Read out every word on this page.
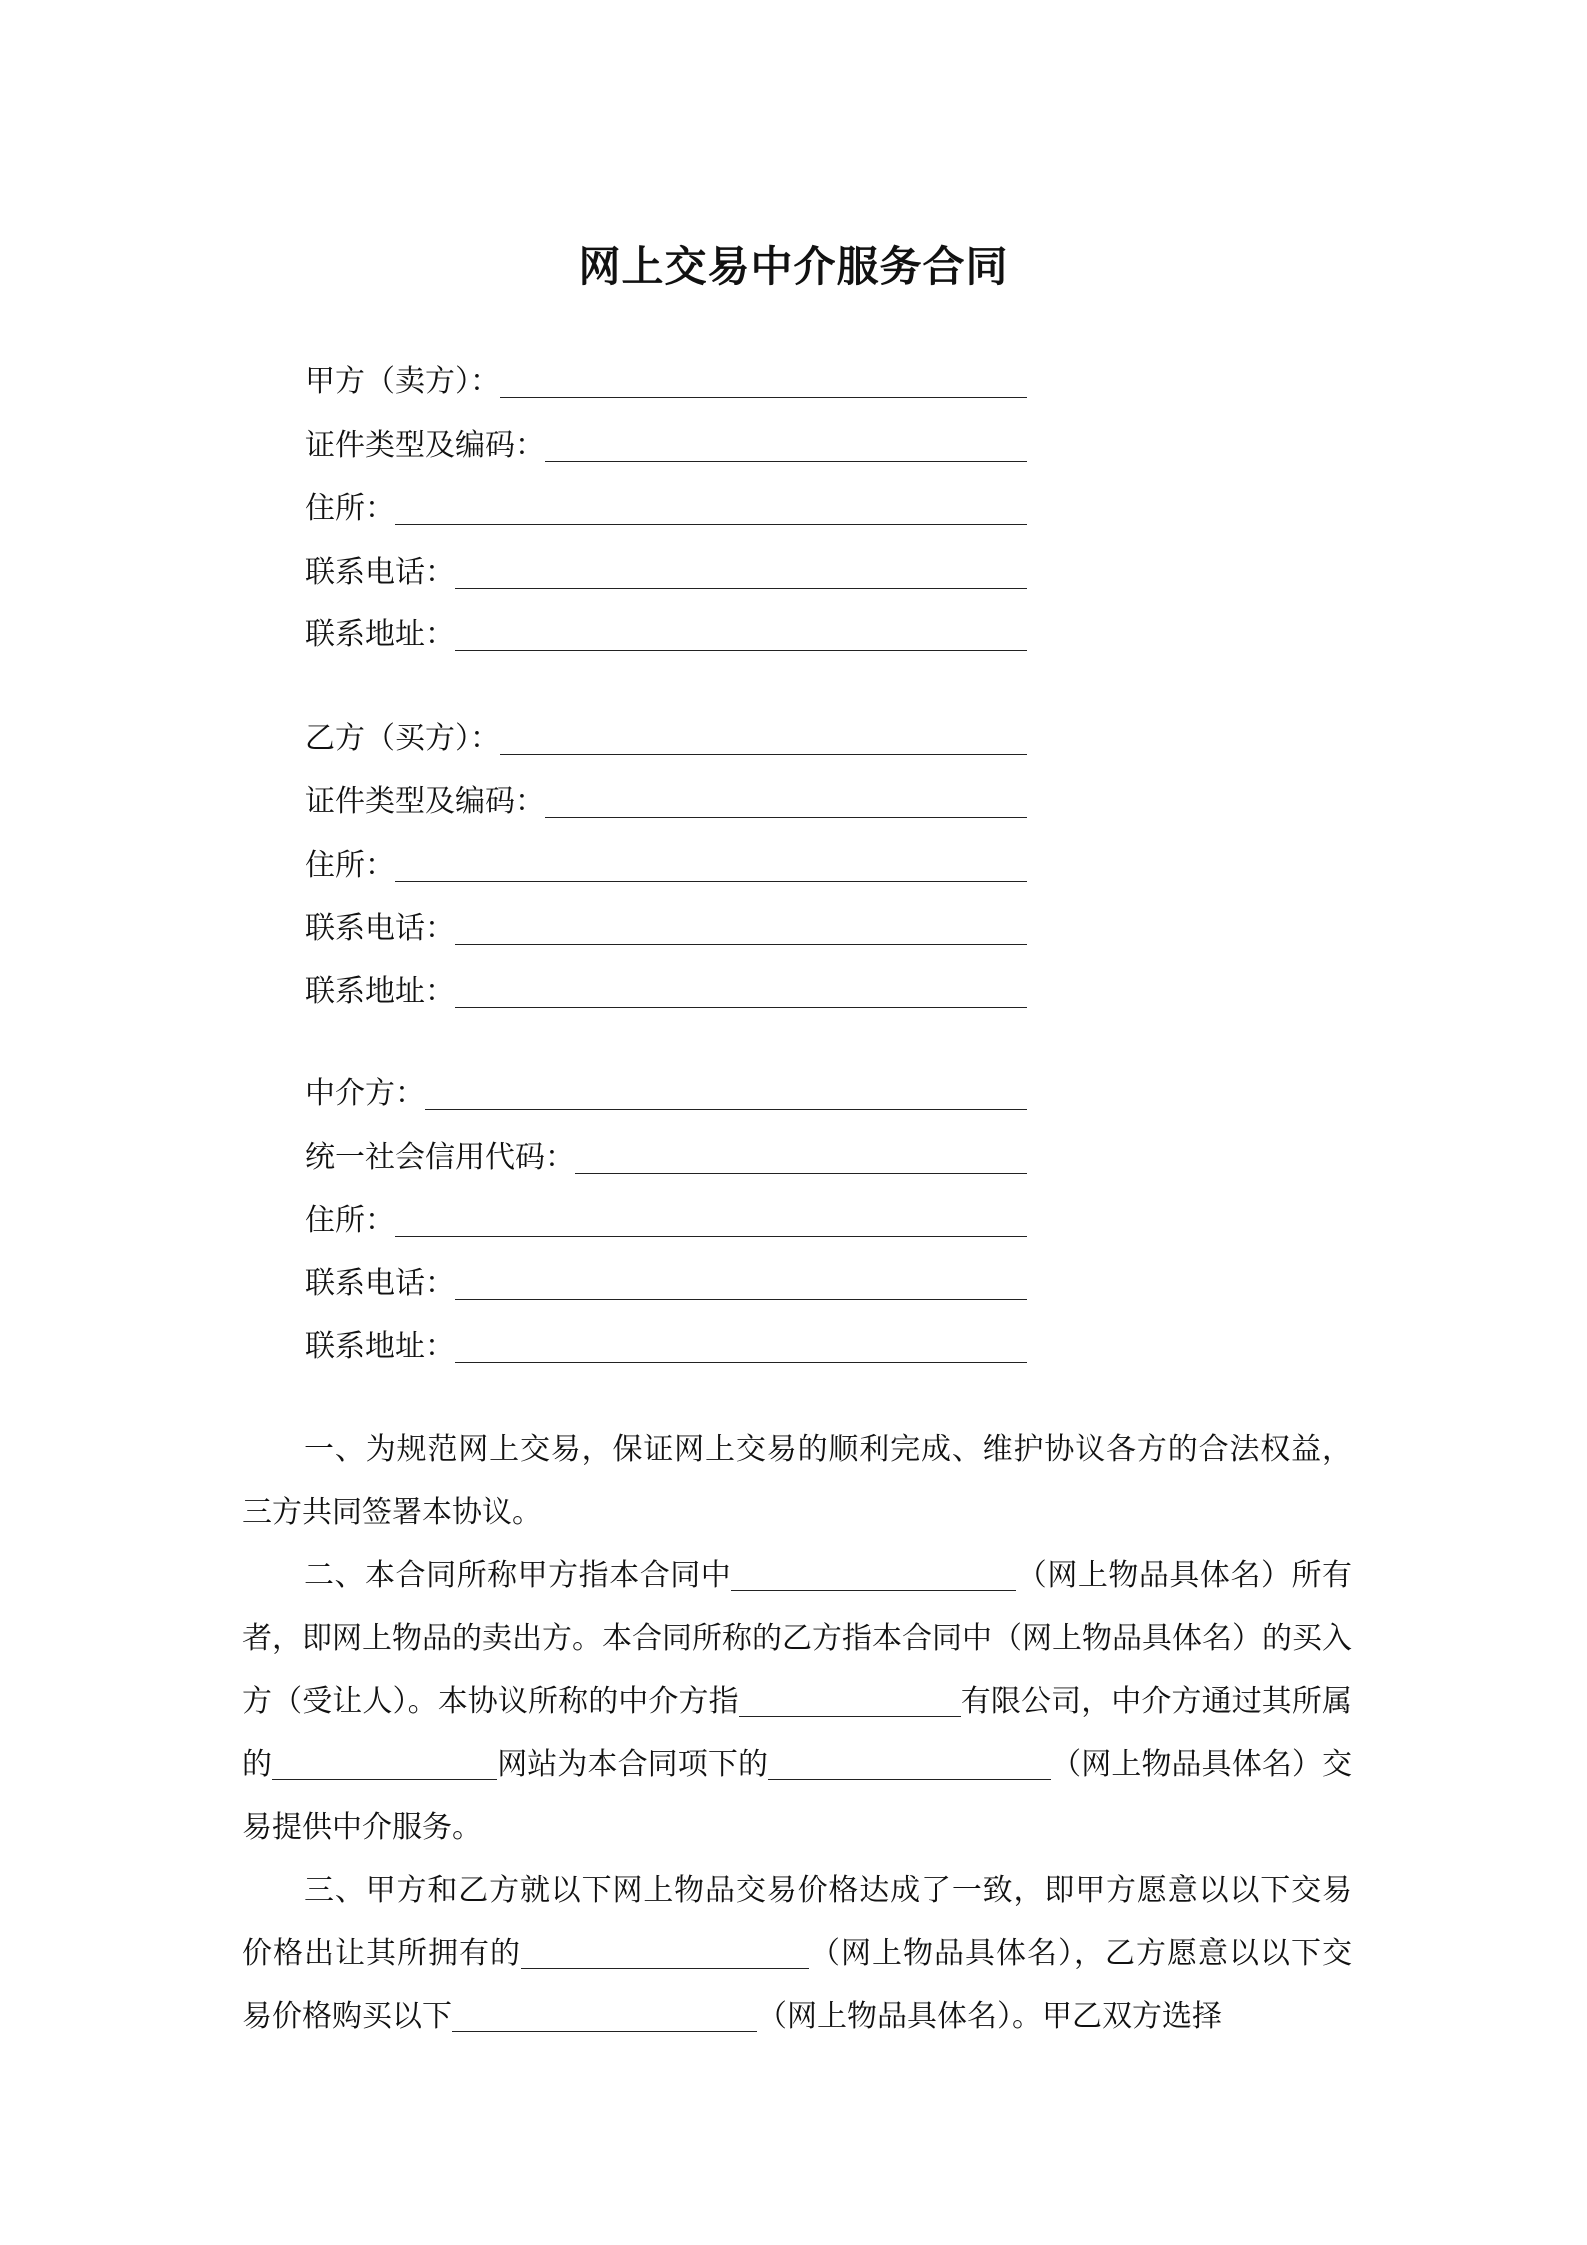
网上交易中介服务合同
甲方（卖方）：
证件类型及编码：
住所：
联系电话：
联系地址：
乙方（买方）：
证件类型及编码：
住所：
联系电话：
联系地址：
中介方：
统一社会信用代码：
住所：
联系电话：
联系地址：

一、为规范网上交易，保证网上交易的顺利完成、维护协议各方的合法权益，三方共同签署本协议。

二、本合同所称甲方指本合同中	（网上物品具体名）所有者，即网上物品的卖出方。本合同所称的乙方指本合同中（网上物品具体名）的买入方（受让人）。本协议所称的中介方指	有限公司，中介方通过其所属的	网站为本合同项下的	（网上物品具体名）交易提供中介服务。

三、甲方和乙方就以下网上物品交易价格达成了一致，即甲方愿意以以下交易价格出让其所拥有的	（网上物品具体名），乙方愿意以以下交易价格购买以下	（网上物品具体名）。甲乙双方选择
